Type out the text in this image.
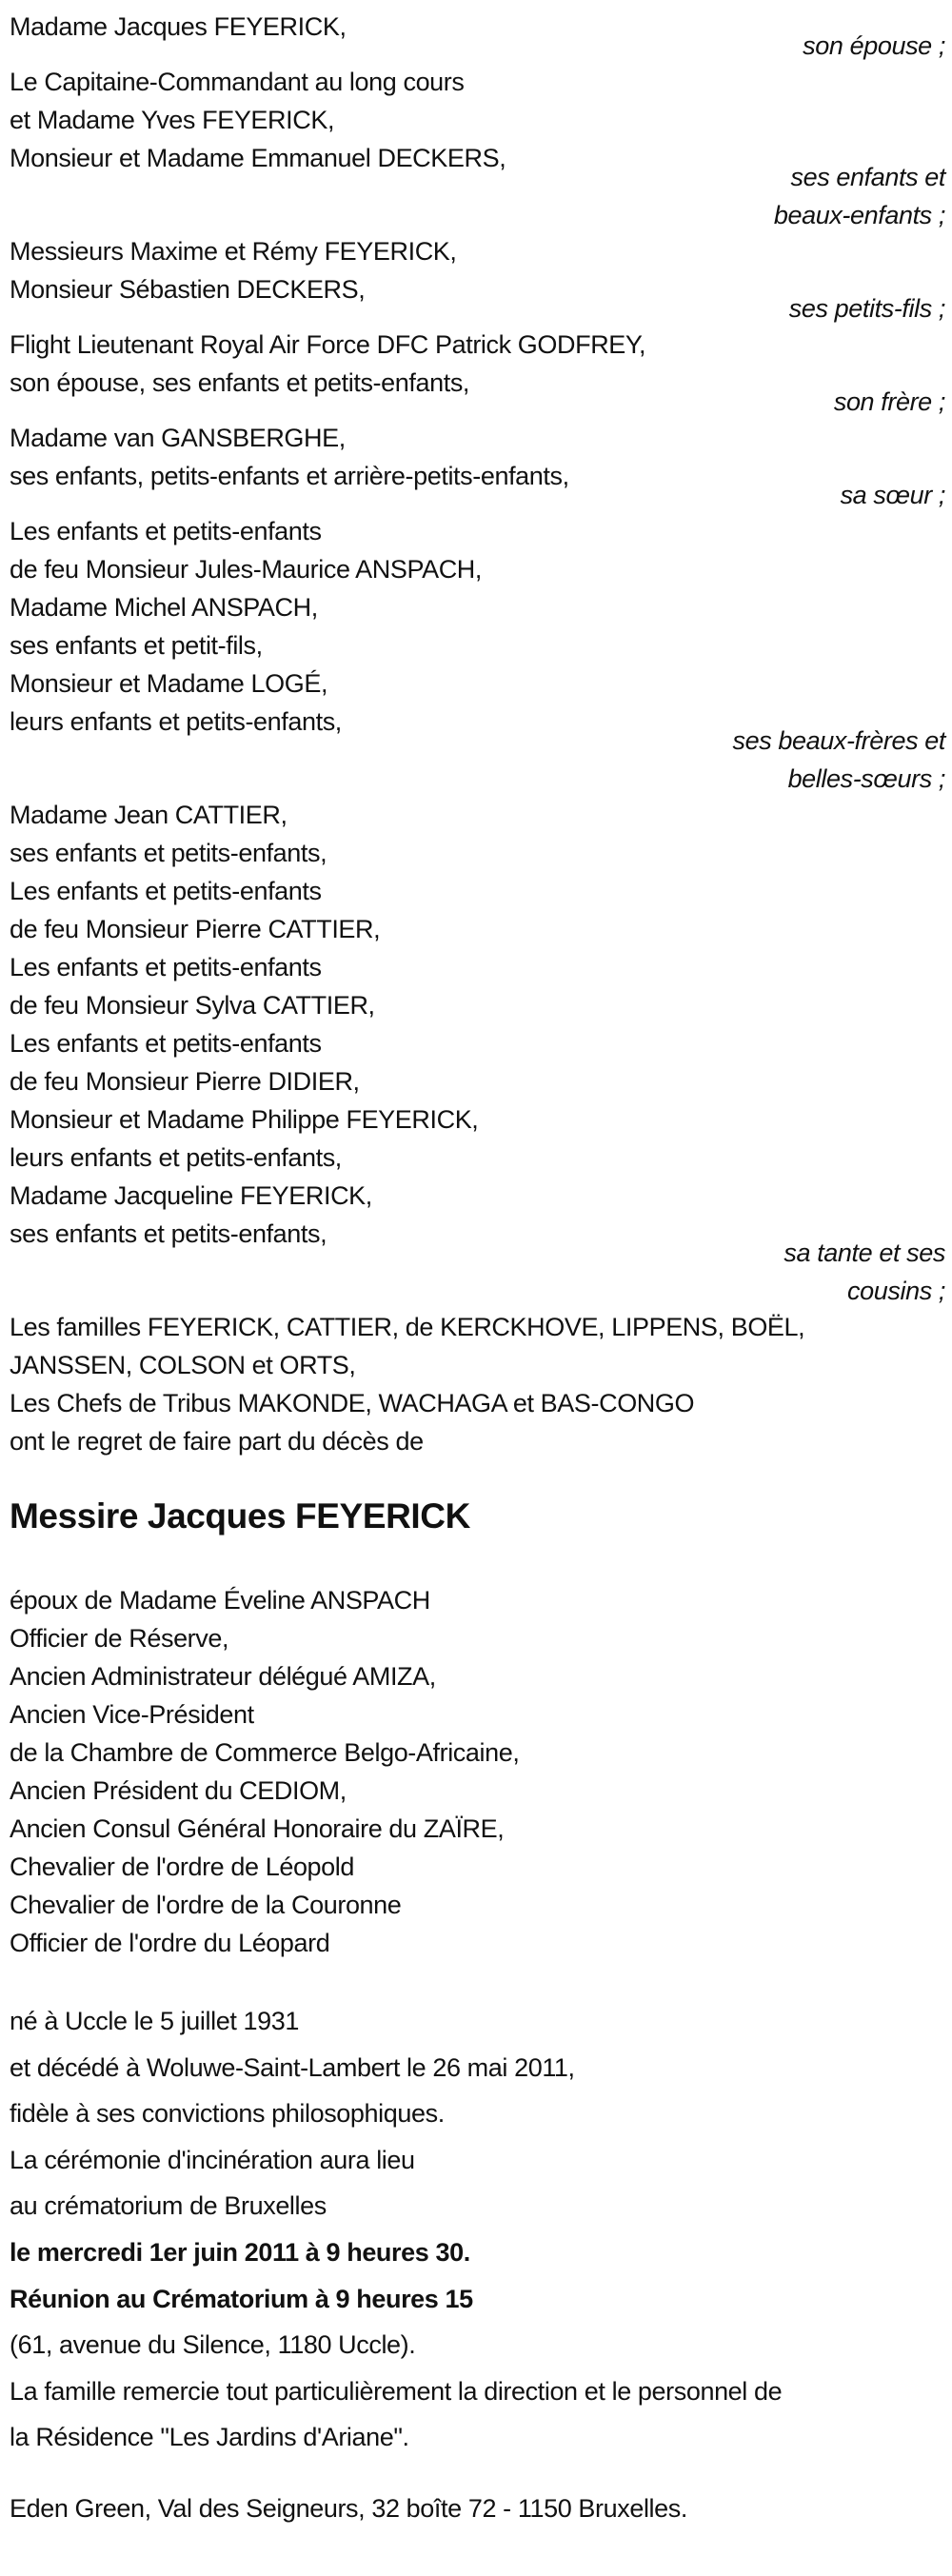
Madame Jacques FEYERICK,
son épouse ;
Le Capitaine-Commandant au long cours
et Madame Yves FEYERICK,
Monsieur et Madame Emmanuel DECKERS,
ses enfants et
beaux-enfants ;
Messieurs Maxime et Rémy FEYERICK,
Monsieur Sébastien DECKERS,
ses petits-fils ;
Flight Lieutenant Royal Air Force DFC Patrick GODFREY,
son épouse, ses enfants et petits-enfants,
son frère ;
Madame van GANSBERGHE,
ses enfants, petits-enfants et arrière-petits-enfants,
sa sœur ;
Les enfants et petits-enfants
de feu Monsieur Jules-Maurice ANSPACH,
Madame Michel ANSPACH,
ses enfants et petit-fils,
Monsieur et Madame LOGÉ,
leurs enfants et petits-enfants,
ses beaux-frères et
belles-sœurs ;
Madame Jean CATTIER,
ses enfants et petits-enfants,
Les enfants et petits-enfants
de feu Monsieur Pierre CATTIER,
Les enfants et petits-enfants
de feu Monsieur Sylva CATTIER,
Les enfants et petits-enfants
de feu Monsieur Pierre DIDIER,
Monsieur et Madame Philippe FEYERICK,
leurs enfants et petits-enfants,
Madame Jacqueline FEYERICK,
ses enfants et petits-enfants,
sa tante et ses
cousins ;
Les familles FEYERICK, CATTIER, de KERCKHOVE, LIPPENS, BOËL,
JANSSEN, COLSON et ORTS,
Les Chefs de Tribus MAKONDE, WACHAGA et BAS-CONGO
ont le regret de faire part du décès de
Messire Jacques FEYERICK
époux de Madame Éveline ANSPACH
Officier de Réserve,
Ancien Administrateur délégué AMIZA,
Ancien Vice-Président
de la Chambre de Commerce Belgo-Africaine,
Ancien Président du CEDIOM,
Ancien Consul Général Honoraire du ZAÏRE,
Chevalier de l'ordre de Léopold
Chevalier de l'ordre de la Couronne
Officier de l'ordre du Léopard
né à Uccle le 5 juillet 1931
et décédé à Woluwe-Saint-Lambert le 26 mai 2011,
fidèle à ses convictions philosophiques.
La cérémonie d'incinération aura lieu
au crématorium de Bruxelles
le mercredi 1er juin 2011 à 9 heures 30.
Réunion au Crématorium à 9 heures 15
(61, avenue du Silence, 1180 Uccle).
La famille remercie tout particulièrement la direction et le personnel de
la Résidence "Les Jardins d'Ariane".
Eden Green, Val des Seigneurs, 32 boîte 72 - 1150 Bruxelles.
